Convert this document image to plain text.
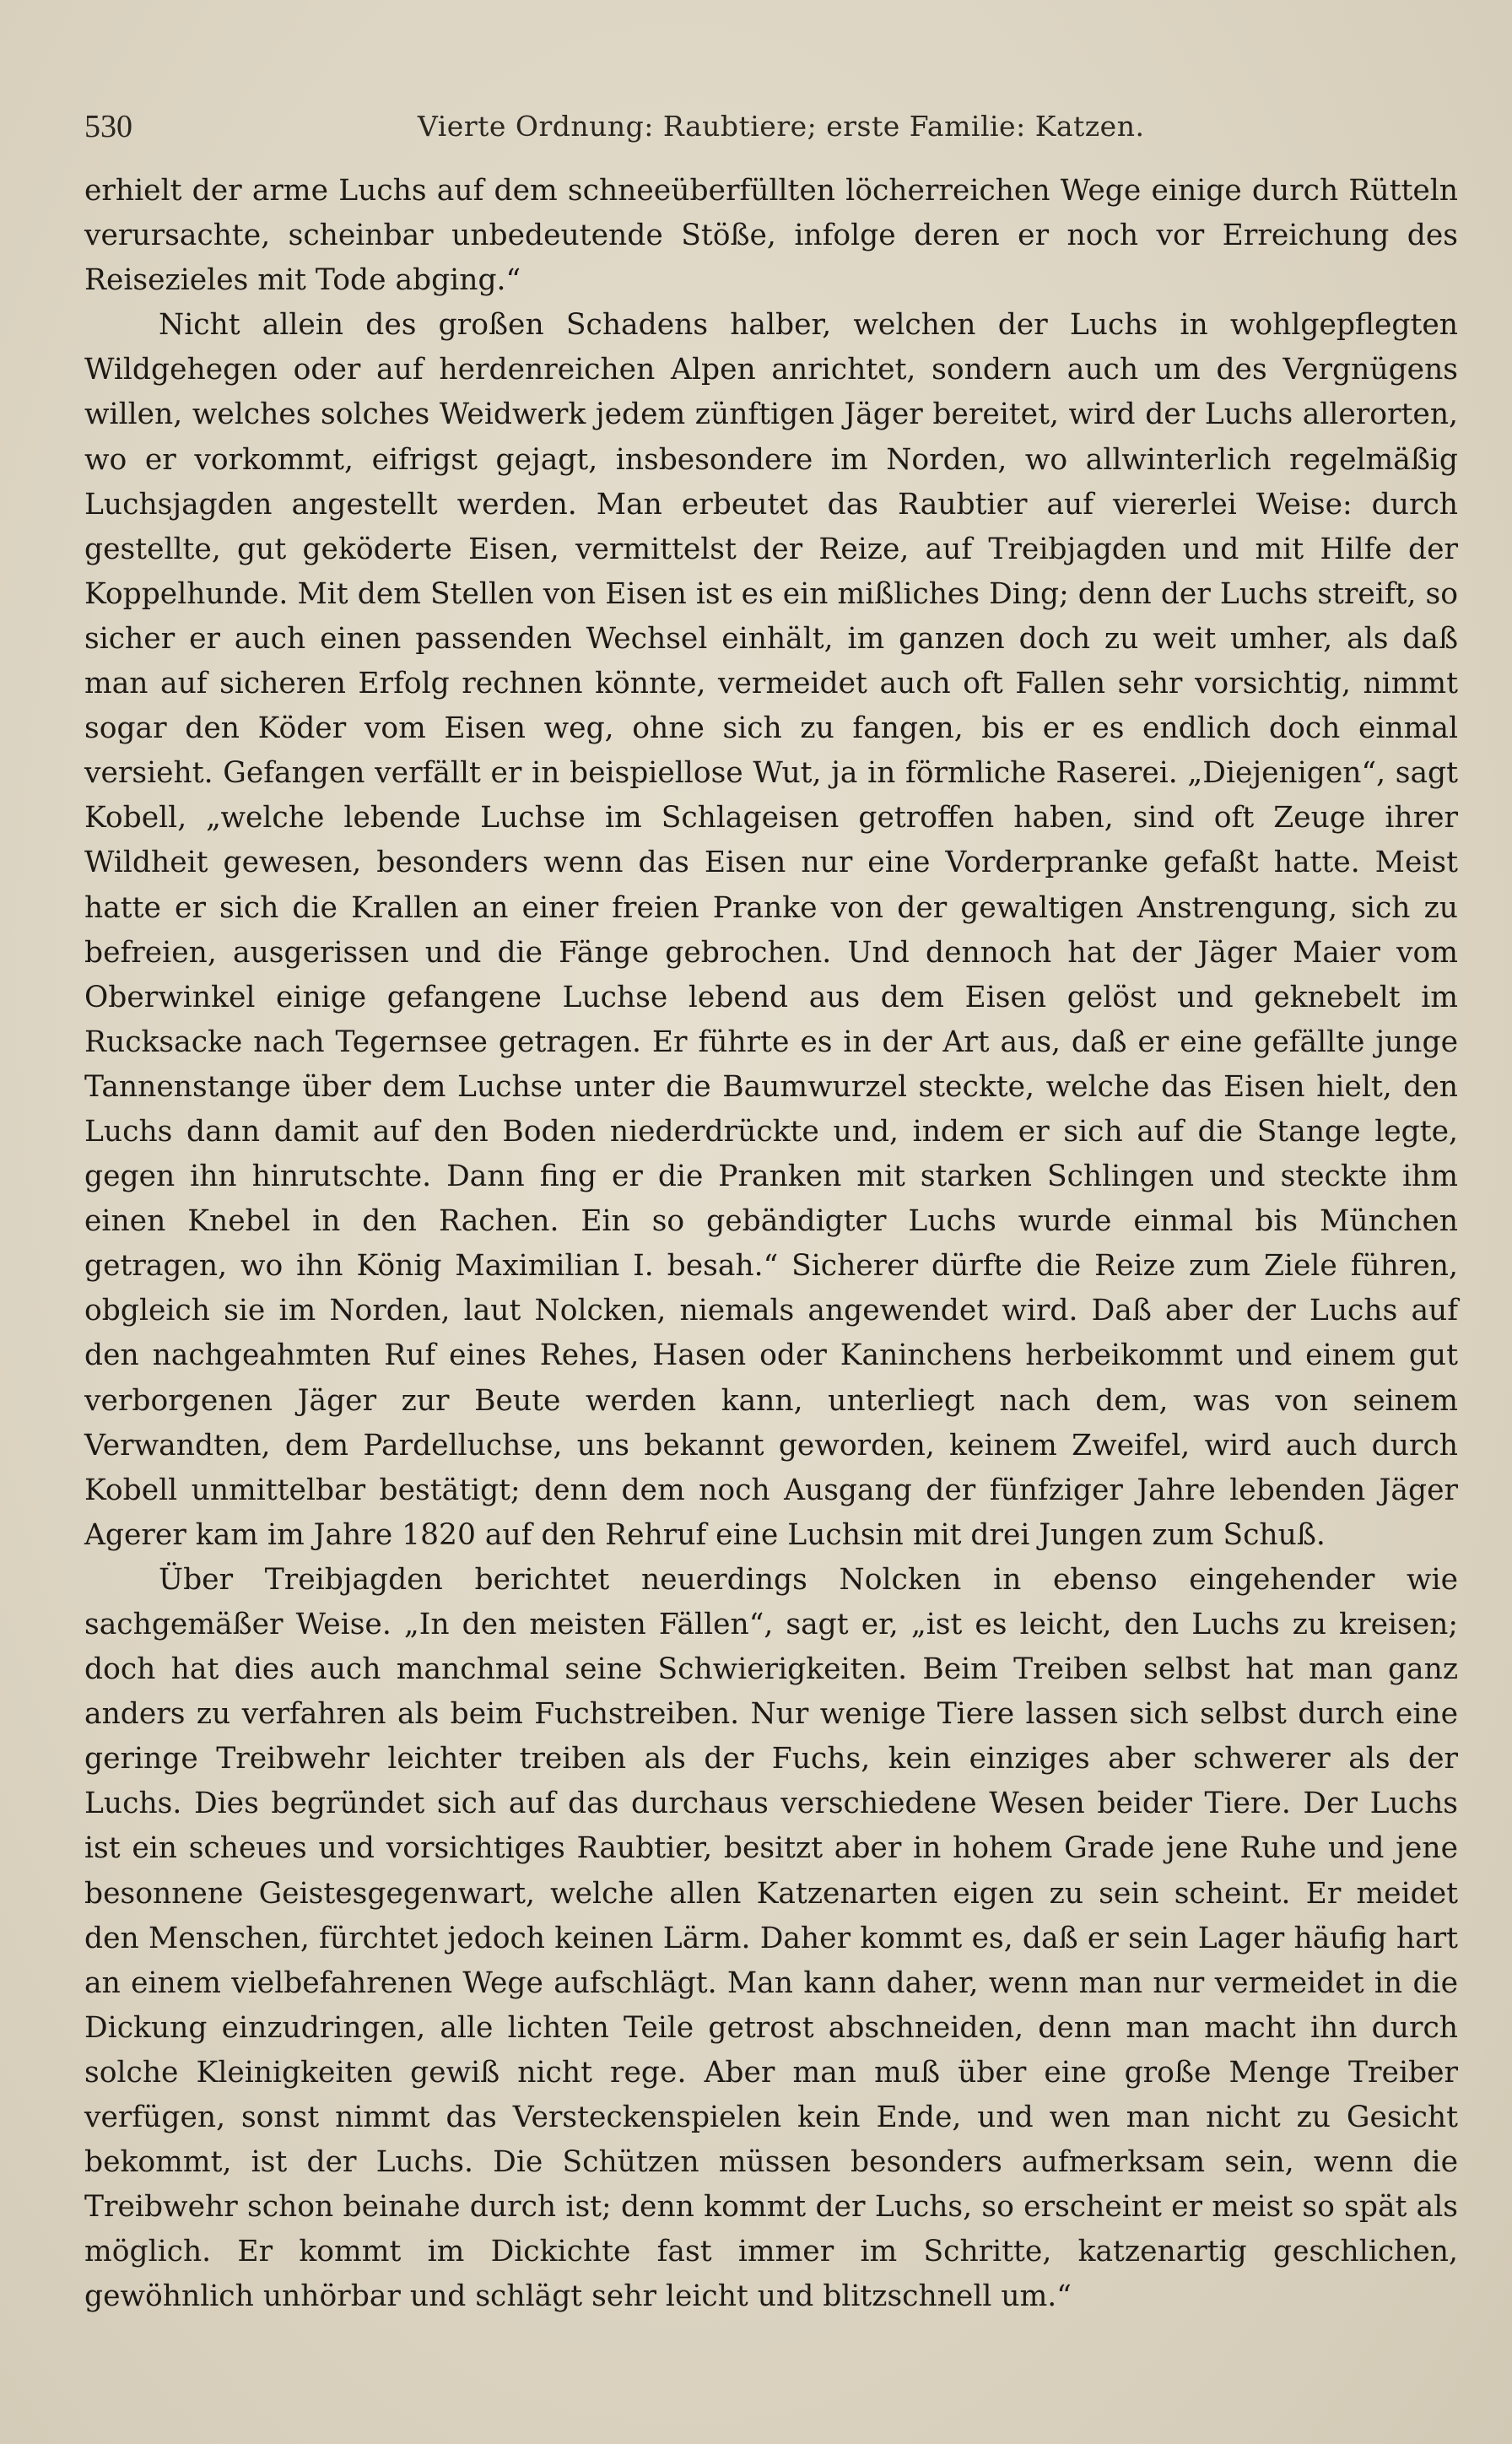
530	Vierte Ordnung: Raubtiere; erste Familie: Katzen.

erhielt der arme Luchs auf dem schneeüberfüllten löcherreichen Wege einige durch Rütteln verursachte, scheinbar unbedeutende Stöße, infolge deren er noch vor Erreichung des Reisezieles mit Tode abging.“

Nicht allein des großen Schadens halber, welchen der Luchs in wohlgepflegten Wildgehegen oder auf herdenreichen Alpen anrichtet, sondern auch um des Vergnügens willen, welches solches Weidwerk jedem zünftigen Jäger bereitet, wird der Luchs allerorten, wo er vorkommt, eifrigst gejagt, insbesondere im Norden, wo allwinterlich regelmäßig Luchsjagden angestellt werden. Man erbeutet das Raubtier auf viererlei Weise: durch gestellte, gut geköderte Eisen, vermittelst der Reize, auf Treibjagden und mit Hilfe der Koppelhunde. Mit dem Stellen von Eisen ist es ein mißliches Ding; denn der Luchs streift, so sicher er auch einen passenden Wechsel einhält, im ganzen doch zu weit umher, als daß man auf sicheren Erfolg rechnen könnte, vermeidet auch oft Fallen sehr vorsichtig, nimmt sogar den Köder vom Eisen weg, ohne sich zu fangen, bis er es endlich doch einmal versieht. Gefangen verfällt er in beispiellose Wut, ja in förmliche Raserei. „Diejenigen“, sagt Kobell, „welche lebende Luchse im Schlageisen getroffen haben, sind oft Zeuge ihrer Wildheit gewesen, besonders wenn das Eisen nur eine Vorderpranke gefaßt hatte. Meist hatte er sich die Krallen an einer freien Pranke von der gewaltigen Anstrengung, sich zu befreien, ausgerissen und die Fänge gebrochen. Und dennoch hat der Jäger Maier vom Oberwinkel einige gefangene Luchse lebend aus dem Eisen gelöst und geknebelt im Rucksacke nach Tegernsee getragen. Er führte es in der Art aus, daß er eine gefällte junge Tannenstange über dem Luchse unter die Baumwurzel steckte, welche das Eisen hielt, den Luchs dann damit auf den Boden niederdrückte und, indem er sich auf die Stange legte, gegen ihn hinrutschte. Dann fing er die Pranken mit starken Schlingen und steckte ihm einen Knebel in den Rachen. Ein so gebändigter Luchs wurde einmal bis München getragen, wo ihn König Maximilian I. besah.“ Sicherer dürfte die Reize zum Ziele führen, obgleich sie im Norden, laut Nolcken, niemals angewendet wird. Daß aber der Luchs auf den nachgeahmten Ruf eines Rehes, Hasen oder Kaninchens herbeikommt und einem gut verborgenen Jäger zur Beute werden kann, unterliegt nach dem, was von seinem Verwandten, dem Pardelluchse, uns bekannt geworden, keinem Zweifel, wird auch durch Kobell unmittelbar bestätigt; denn dem noch Ausgang der fünfziger Jahre lebenden Jäger Agerer kam im Jahre 1820 auf den Rehruf eine Luchsin mit drei Jungen zum Schuß.

Über Treibjagden berichtet neuerdings Nolcken in ebenso eingehender wie sachgemäßer Weise. „In den meisten Fällen“, sagt er, „ist es leicht, den Luchs zu kreisen; doch hat dies auch manchmal seine Schwierigkeiten. Beim Treiben selbst hat man ganz anders zu verfahren als beim Fuchstreiben. Nur wenige Tiere lassen sich selbst durch eine geringe Treibwehr leichter treiben als der Fuchs, kein einziges aber schwerer als der Luchs. Dies begründet sich auf das durchaus verschiedene Wesen beider Tiere. Der Luchs ist ein scheues und vorsichtiges Raubtier, besitzt aber in hohem Grade jene Ruhe und jene besonnene Geistesgegenwart, welche allen Katzenarten eigen zu sein scheint. Er meidet den Menschen, fürchtet jedoch keinen Lärm. Daher kommt es, daß er sein Lager häufig hart an einem vielbefahrenen Wege aufschlägt. Man kann daher, wenn man nur vermeidet in die Dickung einzudringen, alle lichten Teile getrost abschneiden, denn man macht ihn durch solche Kleinigkeiten gewiß nicht rege. Aber man muß über eine große Menge Treiber verfügen, sonst nimmt das Versteckenspielen kein Ende, und wen man nicht zu Gesicht bekommt, ist der Luchs. Die Schützen müssen besonders aufmerksam sein, wenn die Treibwehr schon beinahe durch ist; denn kommt der Luchs, so erscheint er meist so spät als möglich. Er kommt im Dickichte fast immer im Schritte, katzenartig geschlichen, gewöhnlich unhörbar und schlägt sehr leicht und blitzschnell um.“
